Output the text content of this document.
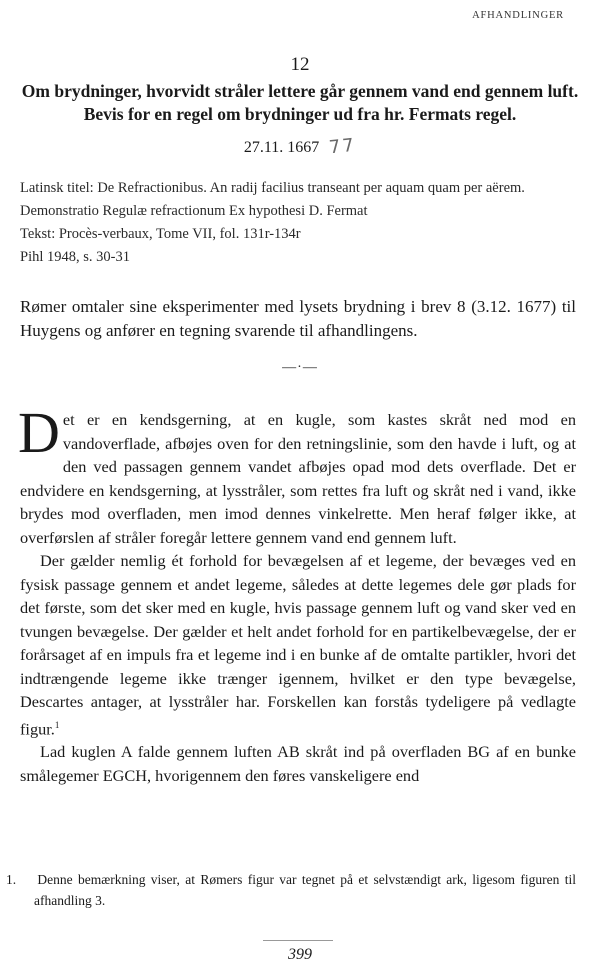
AFHANDLINGER
12
Om brydninger, hvorvidt stråler lettere går gennem vand end gennem luft. Bevis for en regel om brydninger ud fra hr. Fermats regel.
27.11. 1667 77
Latinsk titel: De Refractionibus. An radij facilius transeant per aquam quam per aërem. Demonstratio Regulæ refractionum Ex hypothesi D. Fermat
Tekst: Procès-verbaux, Tome VII, fol. 131r-134r
Pihl 1948, s. 30-31
Rømer omtaler sine eksperimenter med lysets brydning i brev 8 (3.12. 1677) til Huygens og anfører en tegning svarende til afhandlingens.
—·—

Det er en kendsgerning, at en kugle, som kastes skråt ned mod en vandoverflade, afbøjes oven for den retningslinie, som den havde i luft, og at den ved passagen gennem vandet afbøjes opad mod dets overflade. Det er endvidere en kendsgerning, at lysstråler, som rettes fra luft og skråt ned i vand, ikke brydes mod overfladen, men imod dennes vinkelrette. Men heraf følger ikke, at overførslen af stråler foregår lettere gennem vand end gennem luft.

Der gælder nemlig ét forhold for bevægelsen af et legeme, der bevæges ved en fysisk passage gennem et andet legeme, således at dette legemes dele gør plads for det første, som det sker med en kugle, hvis passage gennem luft og vand sker ved en tvungen bevægelse. Der gælder et helt andet forhold for en partikelbevægelse, der er forårsaget af en impuls fra et legeme ind i en bunke af de omtalte partikler, hvori det indtrængende legeme ikke trænger igennem, hvilket er den type bevægelse, Descartes antager, at lysstråler har. Forskellen kan forstås tydeligere på vedlagte figur.$^1$

Lad kuglen A falde gennem luften AB skråt ind på overfladen BG af en bunke smålegemer EGCH, hvorigennem den føres vanskeligere end

1. Denne bemærkning viser, at Rømers figur var tegnet på et selvstændigt ark, ligesom figuren til afhandling 3.
399
